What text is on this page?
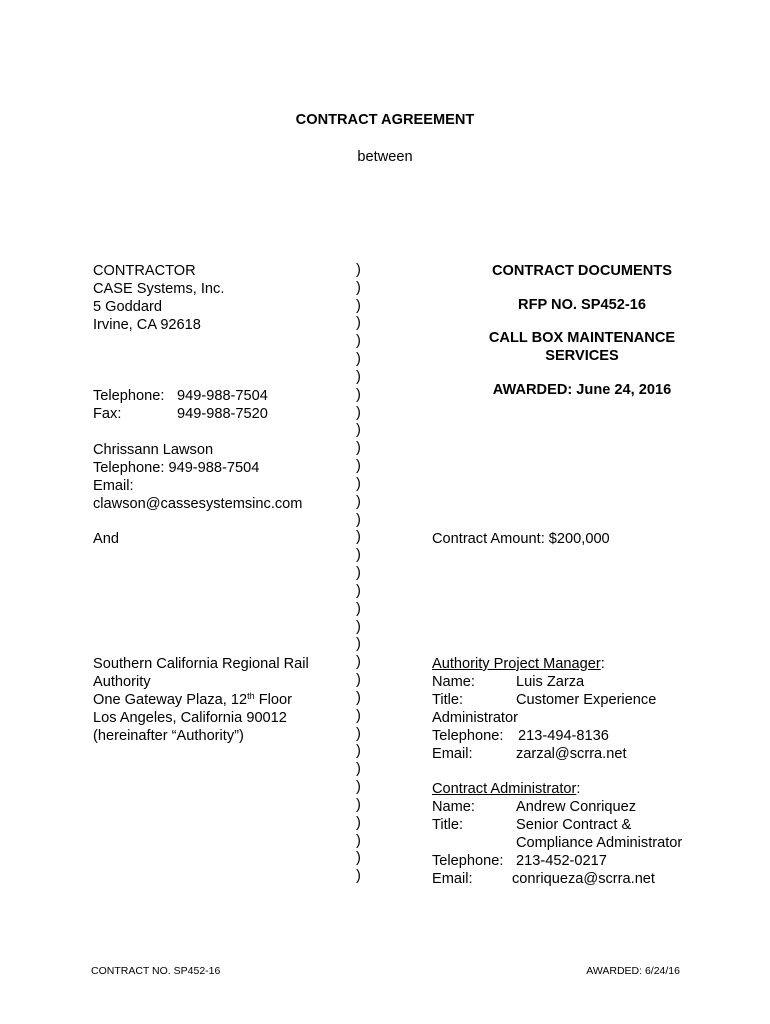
CONTRACT AGREEMENT
between
CONTRACTOR
CASE Systems, Inc.
5 Goddard
Irvine, CA 92618
Telephone: 949-988-7504
Fax:	949-988-7520
Chrissann Lawson
Telephone: 949-988-7504
Email:
clawson@cassesystemsinc.com
CONTRACT DOCUMENTS
RFP NO. SP452-16
CALL BOX MAINTENANCE
SERVICES
AWARDED: June 24, 2016
And	Contract Amount: $200,000
Southern California Regional Rail
Authority
One Gateway Plaza, 12th Floor
Los Angeles, California 90012
(hereinafter “Authority”)
Authority Project Manager:
Name:	Luis Zarza
Title:	Customer Experience
Administrator
Telephone: 213-494-8136
Email:	zarzal@scrra.net
Contract Administrator:
Name:	Andrew Conriquez
Title:	Senior Contract &
Compliance Administrator
Telephone: 213-452-0217
Email:	conriqueza@scrra.net
)
)
)
)
)
)
)
)
)
)
)
)
)
)
)
)
)
)
)
)
)
)
)
)
)
)
)
)
)
)
)
)
)
)
)
CONTRACT NO. SP452-16	AWARDED: 6/24/16
